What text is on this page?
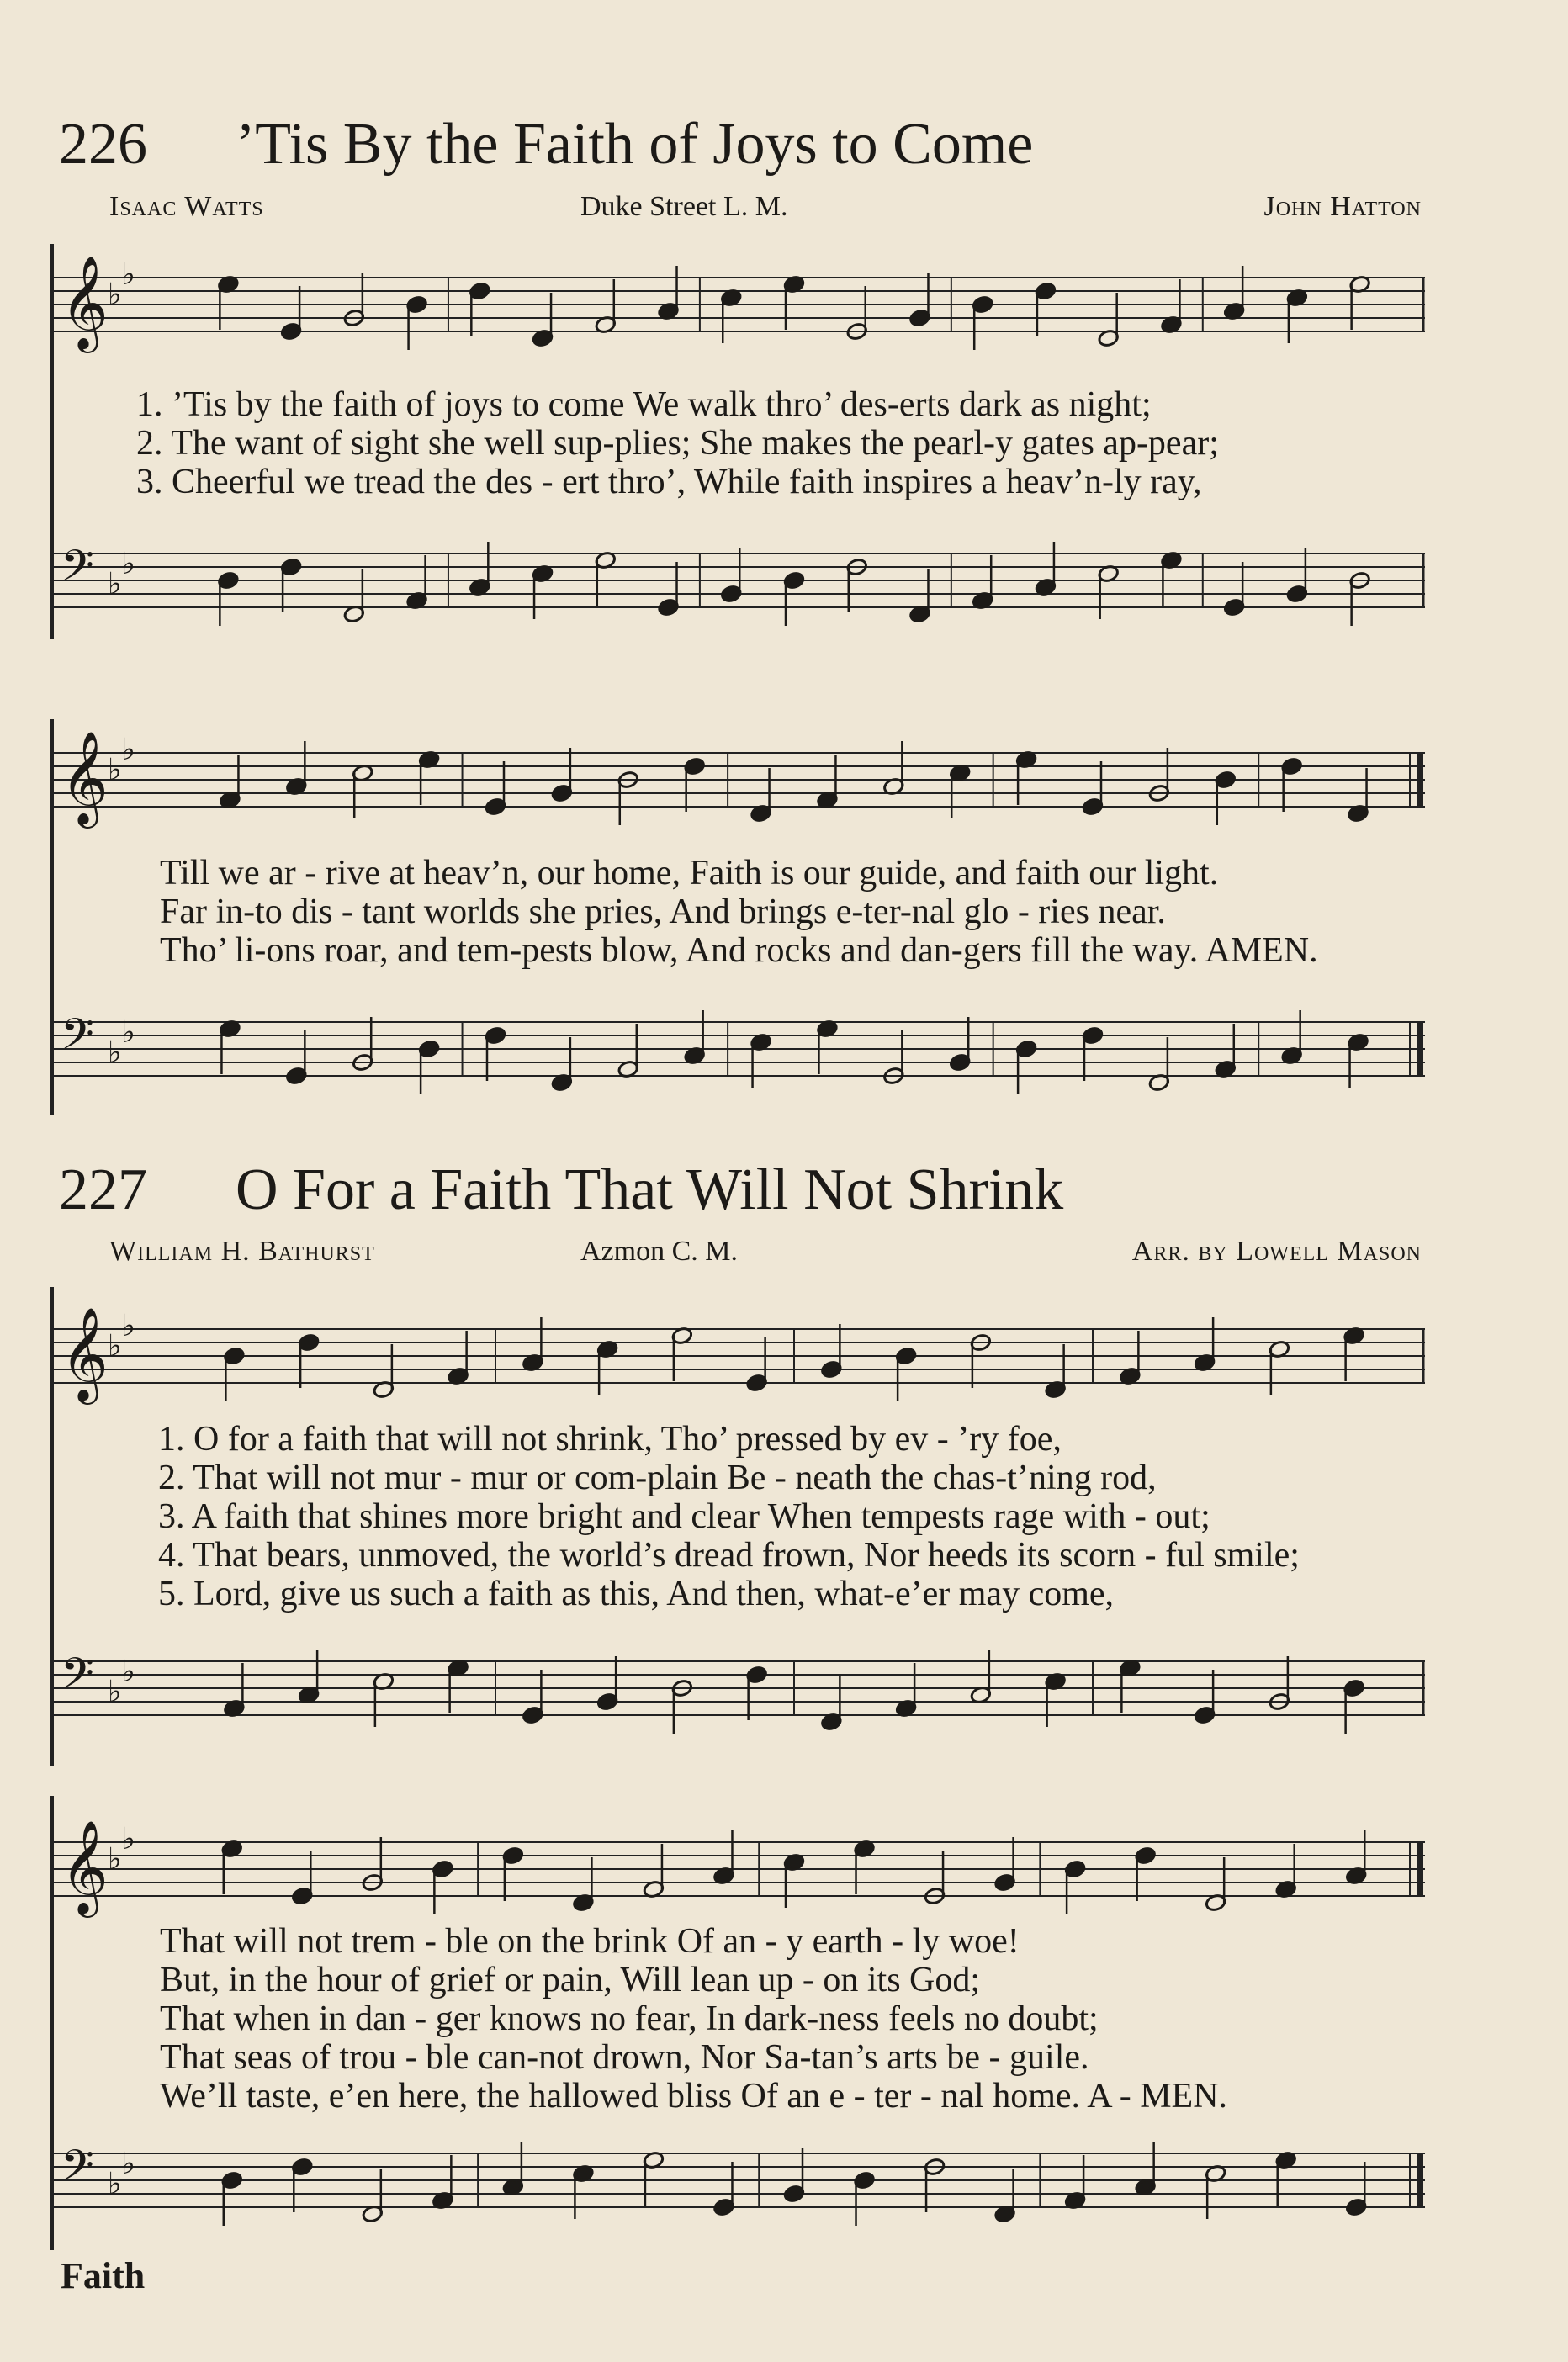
226 ’Tis By the Faith of Joys to Come
Isaac Watts	Duke Street L. M.	John Hatton
𝄞 ♭
♭
1. ’Tis by the faith of joys to come We walk thro’ des-erts dark as night;
2. The want of sight she well sup-plies; She makes the pearl-y gates ap-pear;
3. Cheerful we tread the des - ert thro’, While faith inspires a heav’n-ly ray,
𝄢 ♭
♭
𝄞 ♭
♭
Till we ar - rive at heav’n, our home, Faith is our guide, and faith our light.
Far in-to dis - tant worlds she pries, And brings e-ter-nal glo - ries near.
Tho’ li-ons roar, and tem-pests blow, And rocks and dan-gers fill the way. AMEN.
𝄢 ♭
♭
227 O For a Faith That Will Not Shrink
William H. Bathurst	Azmon C. M.	Arr. by Lowell Mason
𝄞 ♭
♭
1. O for a faith that will not shrink, Tho’ pressed by ev - ’ry foe,
2. That will not mur - mur or com-plain Be - neath the chas-t’ning rod,
3. A faith that shines more bright and clear When tempests rage with - out;
4. That bears, unmoved, the world’s dread frown, Nor heeds its scorn - ful smile;
5. Lord, give us such a faith as this, And then, what-e’er may come,
𝄢 ♭
♭
𝄞 ♭
♭
That will not trem - ble on the brink Of an - y earth - ly woe!
But, in the hour of grief or pain, Will lean up - on its God;
That when in dan - ger knows no fear, In dark-ness feels no doubt;
That seas of trou - ble can-not drown, Nor Sa-tan’s arts be - guile.
We’ll taste, e’en here, the hallowed bliss Of an e - ter - nal home. A - MEN.
𝄢 ♭
♭
Faith
